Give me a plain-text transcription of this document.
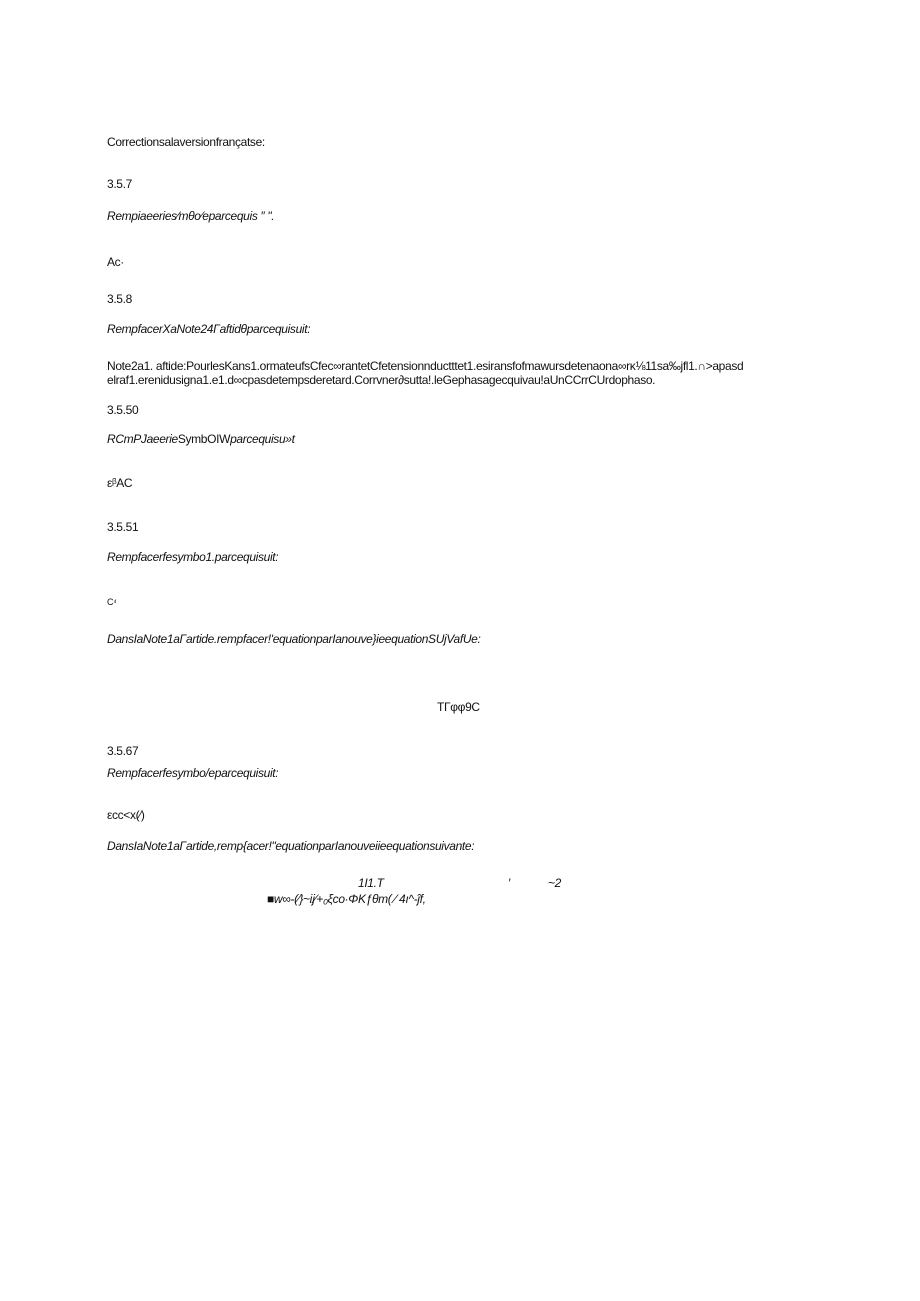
Correctionsalaversionfrançatse:
3.5.7
Rempiaeeries⁄mθo⁄eparcequis ″ ".
Ac·
3.5.8
RempfacerXaNote24Γaftidθparcequisuit:
Note2a1. aftide:PourlesKans1.ormateufsCfec∞rantetCfetensionnductttet1.esiransfofmawursdetenaona∞rκ⅛11sa‰jfl1.∩>apasd
elraf1.erenidusigna1.e1.d∞cpasdetempsderetard.Corrvner∂sutta!.leGephasagecquivau!aUnCCrrCUrdophaso.
3.5.50
RCmPJaeerieSymbOIWparcequisu»t
εᵝAC
3.5.51
Rempfacerfesymbo1.parcequisuit:
C⁴
DansIaNote1aΓartide.rempfacer!'equationparIanouve}ieequationSUjVafUe:
TΓφφ9C
3.5.67
Rempfacerfesymbo/eparcequisuit:
εcc<x(⁄)
DansIaNote1aΓartide,remp{acer!"equationparIanouveiieequationsuivante:
1I1.T	′	~2
■w∞-(⁄}~ĳ⁄+₀ξcο·ΦKƒθm( ⁄ 4ı^-ĵf,
